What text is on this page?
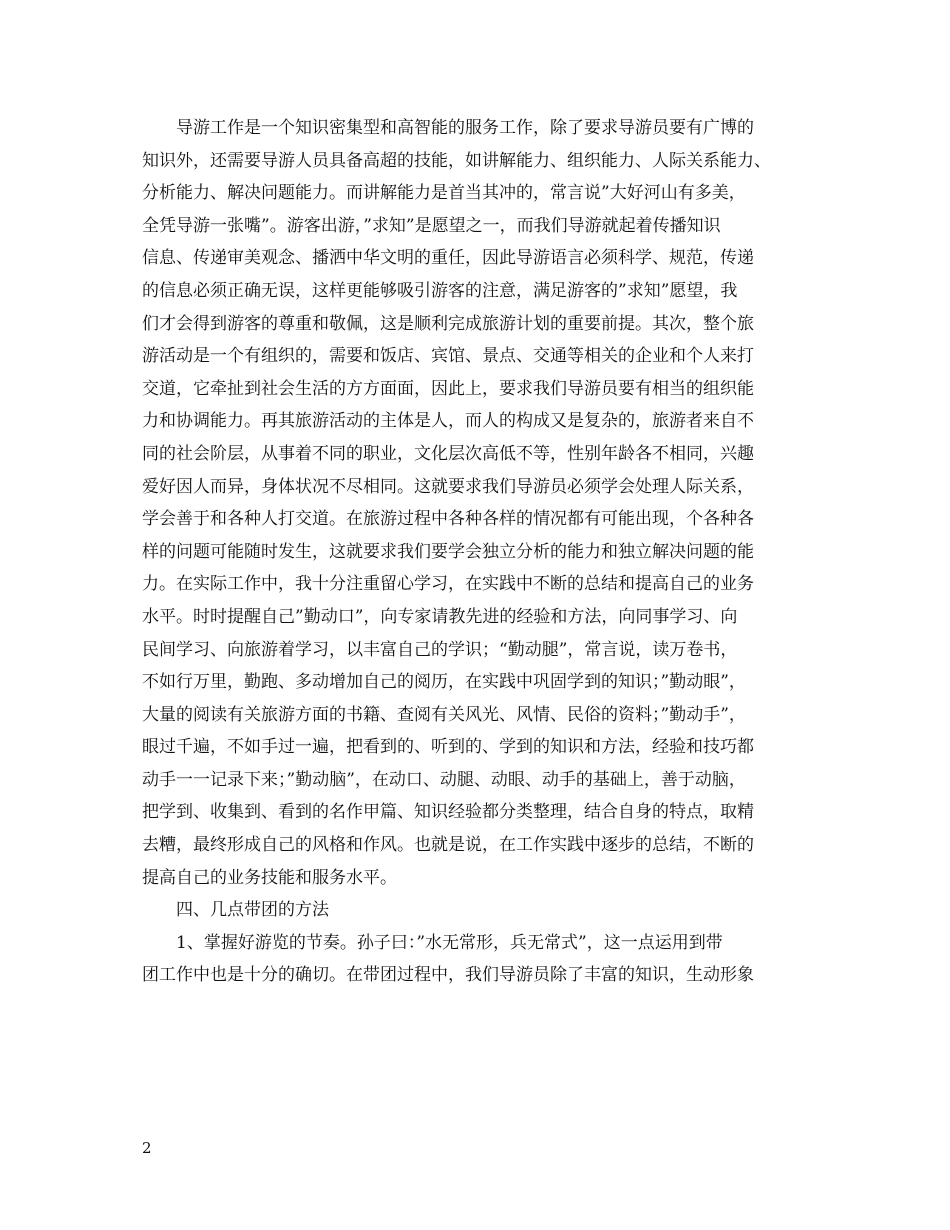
导游工作是一个知识密集型和高智能的服务工作，除了要求导游员要有广博的
知识外，还需要导游人员具备高超的技能，如讲解能力、组织能力、人际关系能力、
分析能力、解决问题能力。而讲解能力是首当其冲的，常言说”大好河山有多美，
全凭导游一张嘴”。游客出游，”求知”是愿望之一，而我们导游就起着传播知识
信息、传递审美观念、播洒中华文明的重任，因此导游语言必须科学、规范，传递
的信息必须正确无误，这样更能够吸引游客的注意，满足游客的”求知”愿望，我
们才会得到游客的尊重和敬佩，这是顺利完成旅游计划的重要前提。其次，整个旅
游活动是一个有组织的，需要和饭店、宾馆、景点、交通等相关的企业和个人来打
交道，它牵扯到社会生活的方方面面，因此上，要求我们导游员要有相当的组织能
力和协调能力。再其旅游活动的主体是人，而人的构成又是复杂的，旅游者来自不
同的社会阶层，从事着不同的职业，文化层次高低不等，性别年龄各不相同，兴趣
爱好因人而异，身体状况不尽相同。这就要求我们导游员必须学会处理人际关系，
学会善于和各种人打交道。在旅游过程中各种各样的情况都有可能出现，个各种各
样的问题可能随时发生，这就要求我们要学会独立分析的能力和独立解决问题的能
力。在实际工作中，我十分注重留心学习，在实践中不断的总结和提高自己的业务
水平。时时提醒自己”勤动口”，向专家请教先进的经验和方法，向同事学习、向
民间学习、向旅游着学习，以丰富自己的学识；“勤动腿”，常言说，读万卷书，
不如行万里，勤跑、多动增加自己的阅历，在实践中巩固学到的知识；”勤动眼”，
大量的阅读有关旅游方面的书籍、查阅有关风光、风情、民俗的资料；”勤动手”，
眼过千遍，不如手过一遍，把看到的、听到的、学到的知识和方法，经验和技巧都
动手一一记录下来；”勤动脑”，在动口、动腿、动眼、动手的基础上，善于动脑，
把学到、收集到、看到的名作甲篇、知识经验都分类整理，结合自身的特点，取精
去糟，最终形成自己的风格和作风。也就是说，在工作实践中逐步的总结，不断的
提高自己的业务技能和服务水平。
四、几点带团的方法
1、掌握好游览的节奏。孙子曰：”水无常形，兵无常式”，这一点运用到带
团工作中也是十分的确切。在带团过程中，我们导游员除了丰富的知识，生动形象
2
